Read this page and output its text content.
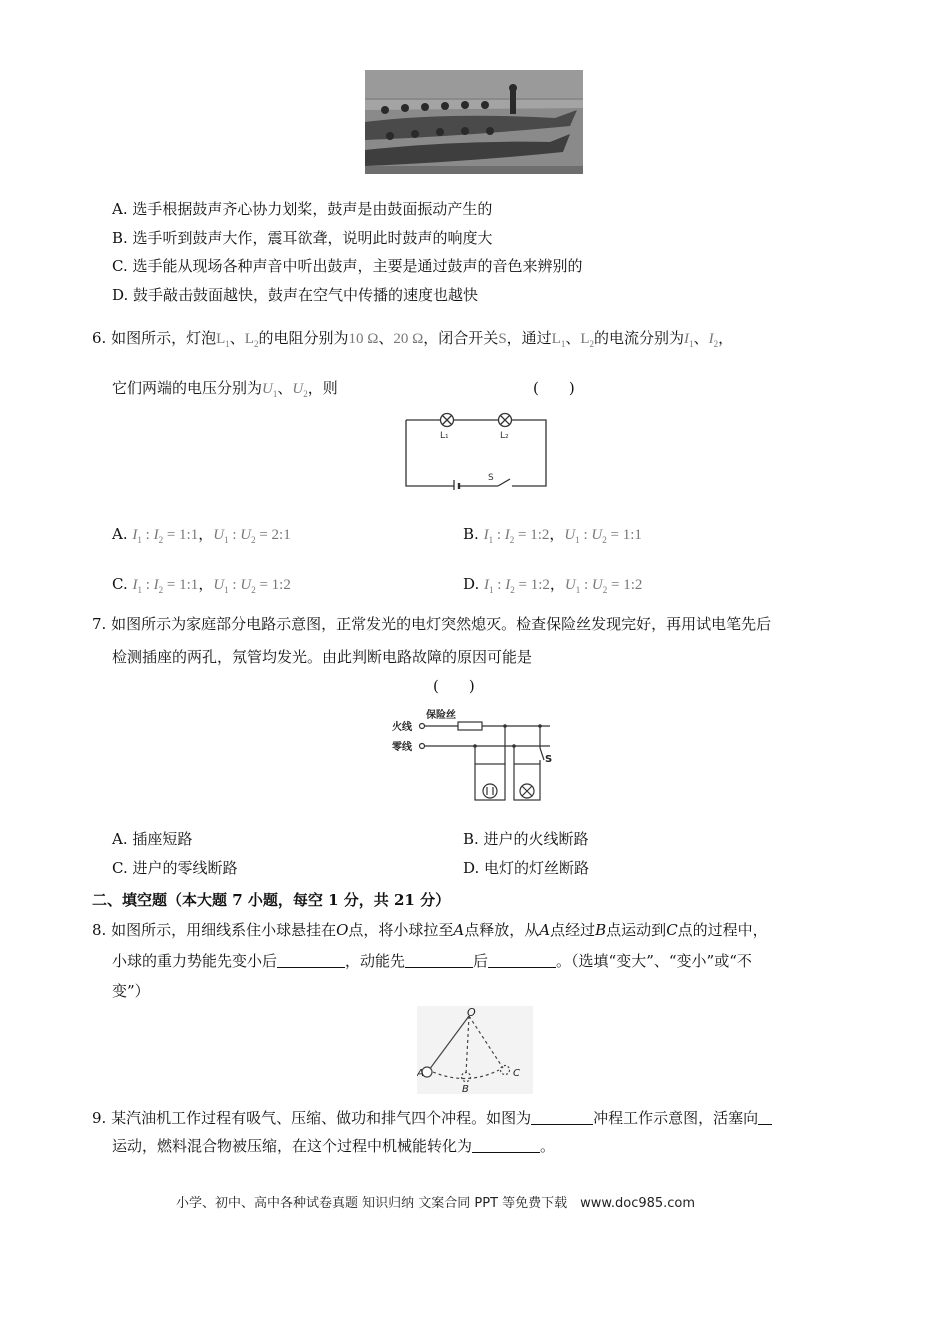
A. 选手根据鼓声齐心协力划桨，鼓声是由鼓面振动产生的
B. 选手听到鼓声大作，震耳欲聋，说明此时鼓声的响度大
C. 选手能从现场各种声音中听出鼓声，主要是通过鼓声的音色来辨别的
D. 鼓手敲击鼓面越快，鼓声在空气中传播的速度也越快
6. 如图所示，灯泡$L_1$、$L_2$的电阻分别为10 Ω、20 Ω，闭合开关S，通过$L_1$、$L_2$的电流分别为$I_1$、$I_2$，
它们两端的电压分别为$U_1$、$U_2$，则	(　　)
L₁	L₂
S
A. $I_1$ : $I_2$ = 1:1，$U_1$ : $U_2$ = 2:1	B. $I_1$ : $I_2$ = 1:2，$U_1$ : $U_2$ = 1:1
C. $I_1$ : $I_2$ = 1:1，$U_1$ : $U_2$ = 1:2	D. $I_1$ : $I_2$ = 1:2，$U_1$ : $U_2$ = 1:2
7. 如图所示为家庭部分电路示意图，正常发光的电灯突然熄灭。检查保险丝发现完好，再用试电笔先后
检测插座的两孔，氖管均发光。由此判断电路故障的原因可能是
(　　)
火线
零线
保险丝
S
A. 插座短路	B. 进户的火线断路
C. 进户的零线断路	D. 电灯的灯丝断路
二、填空题（本大题 7 小题，每空 1 分，共 21 分）
8. 如图所示，用细线系住小球悬挂在O点，将小球拉至A点释放，从A点经过B点运动到C点的过程中，
小球的重力势能先变小后	，动能先	后	。（选填“变大”、“变小”或“不
变”）
O
A
B
C
9. 某汽油机工作过程有吸气、压缩、做功和排气四个冲程。如图为	冲程工作示意图，活塞向
运动，燃料混合物被压缩，在这个过程中机械能转化为	。
小学、初中、高中各种试卷真题 知识归纳 文案合同 PPT 等免费下载　www.doc985.com
